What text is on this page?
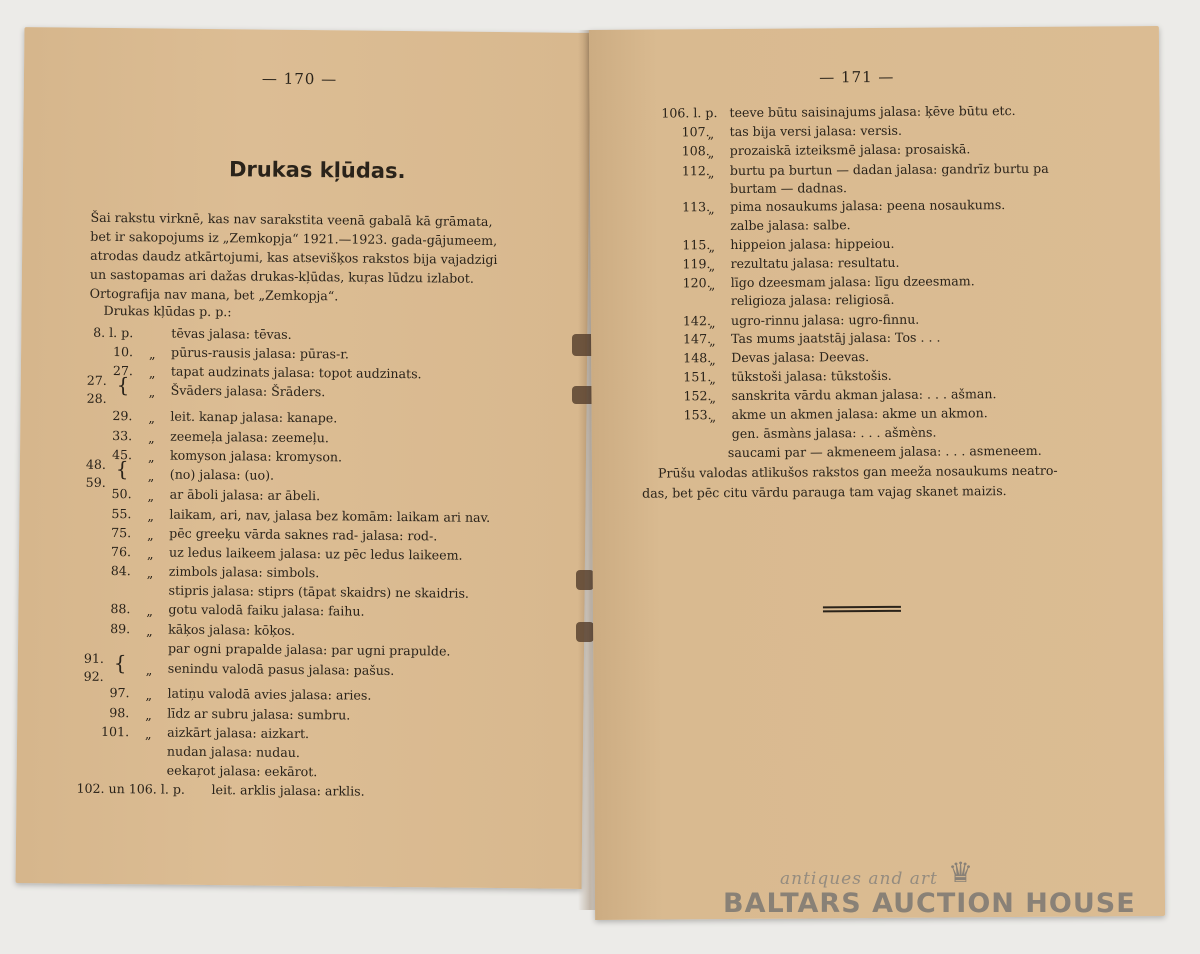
— 170 —
Drukas kļūdas.
Šai rakstu virknē, kas nav sarakstita veenā gabalā kā grāmata,
bet ir sakopojums iz „Zemkopja“ 1921.—1923. gada-gājumeem,
atrodas daudz atkārtojumi, kas atsevišķos rakstos bija vajadzigi
un sastopamas ari dažas drukas-kļūdas, kuŗas lūdzu izlabot.
Ortografija nav mana, bet „Zemkopja“.
Drukas kļūdas p. p.:
8. l. p.	tēvas jalasa: tēvas.
10. „ pūrus-rausis jalasa: pūras-r.
27. „ tapat audzinats jalasa: topot audzinats.
27.
28.
{ „ Švāders jalasa: Šrāders.
29. „ leit. kanap jalasa: kanape.
33. „ zeemeļa jalasa: zeemeļu.
45. „ komyson jalasa: kromyson.
48.
59.
{ „ (no) jalasa: (uo).
50. „ ar āboli jalasa: ar ābeli.
55. „ laikam, ari, nav, jalasa bez komām: laikam ari nav.
75. „ pēc greeķu vārda saknes rad- jalasa: rod-.
76. „ uz ledus laikeem jalasa: uz pēc ledus laikeem.
84. „ zimbols jalasa: simbols.
stipris jalasa: stiprs (tāpat skaidrs) ne skaidris.
88. „ gotu valodā faiku jalasa: faihu.
89. „ kāķos jalasa: kōķos.
par ogni prapalde jalasa: par ugni prapulde.
91.
92.
{ „ senindu valodā pasus jalasa: pašus.
97. „ latiņu valodā avies jalasa: aries.
98. „ līdz ar subru jalasa: sumbru.
101. „ aizkārt jalasa: aizkart.
nudan jalasa: nudau.
eekaŗot jalasa: eekārot.
102. un 106. l. p. leit. arklis jalasa: arklis.
— 171 —
106. l. p. teeve būtu saisinajums jalasa: ķēve būtu etc.
107.
„ tas bija versi jalasa: versis.
108.
„ prozaiskā izteiksmē jalasa: prosaiskā.
112.
„ burtu pa burtun — dadan jalasa: gandrīz burtu pa
burtam — dadnas.
113.
„ pima nosaukums jalasa: peena nosaukums.
zalbe jalasa: salbe.
115.
„ hippeion jalasa: hippeiou.
119.
„ rezultatu jalasa: resultatu.
120.
„ līgo dzeesmam jalasa: līgu dzeesmam.
religioza jalasa: religiosā.
142.
„ ugro-rinnu jalasa: ugro-finnu.
147.
„ Tas mums jaatstāj jalasa: Tos . . .
148.
„ Devas jalasa: Deevas.
151.
„ tūkstoši jalasa: tūkstošis.
152.
„ sanskrita vārdu akman jalasa: . . . ašman.
153.
„ akme un akmen jalasa: akme un akmon.
gen. āsmàns jalasa: . . . ašmèns.
saucami par — akmeneem jalasa: . . . asmeneem.
Prūšu valodas atlikušos rakstos gan meeža nosaukums neatro-
das, bet pēc citu vārdu parauga tam vajag skanet maizis.
antiques and art ♛
BALTARS AUCTION HOUSE
